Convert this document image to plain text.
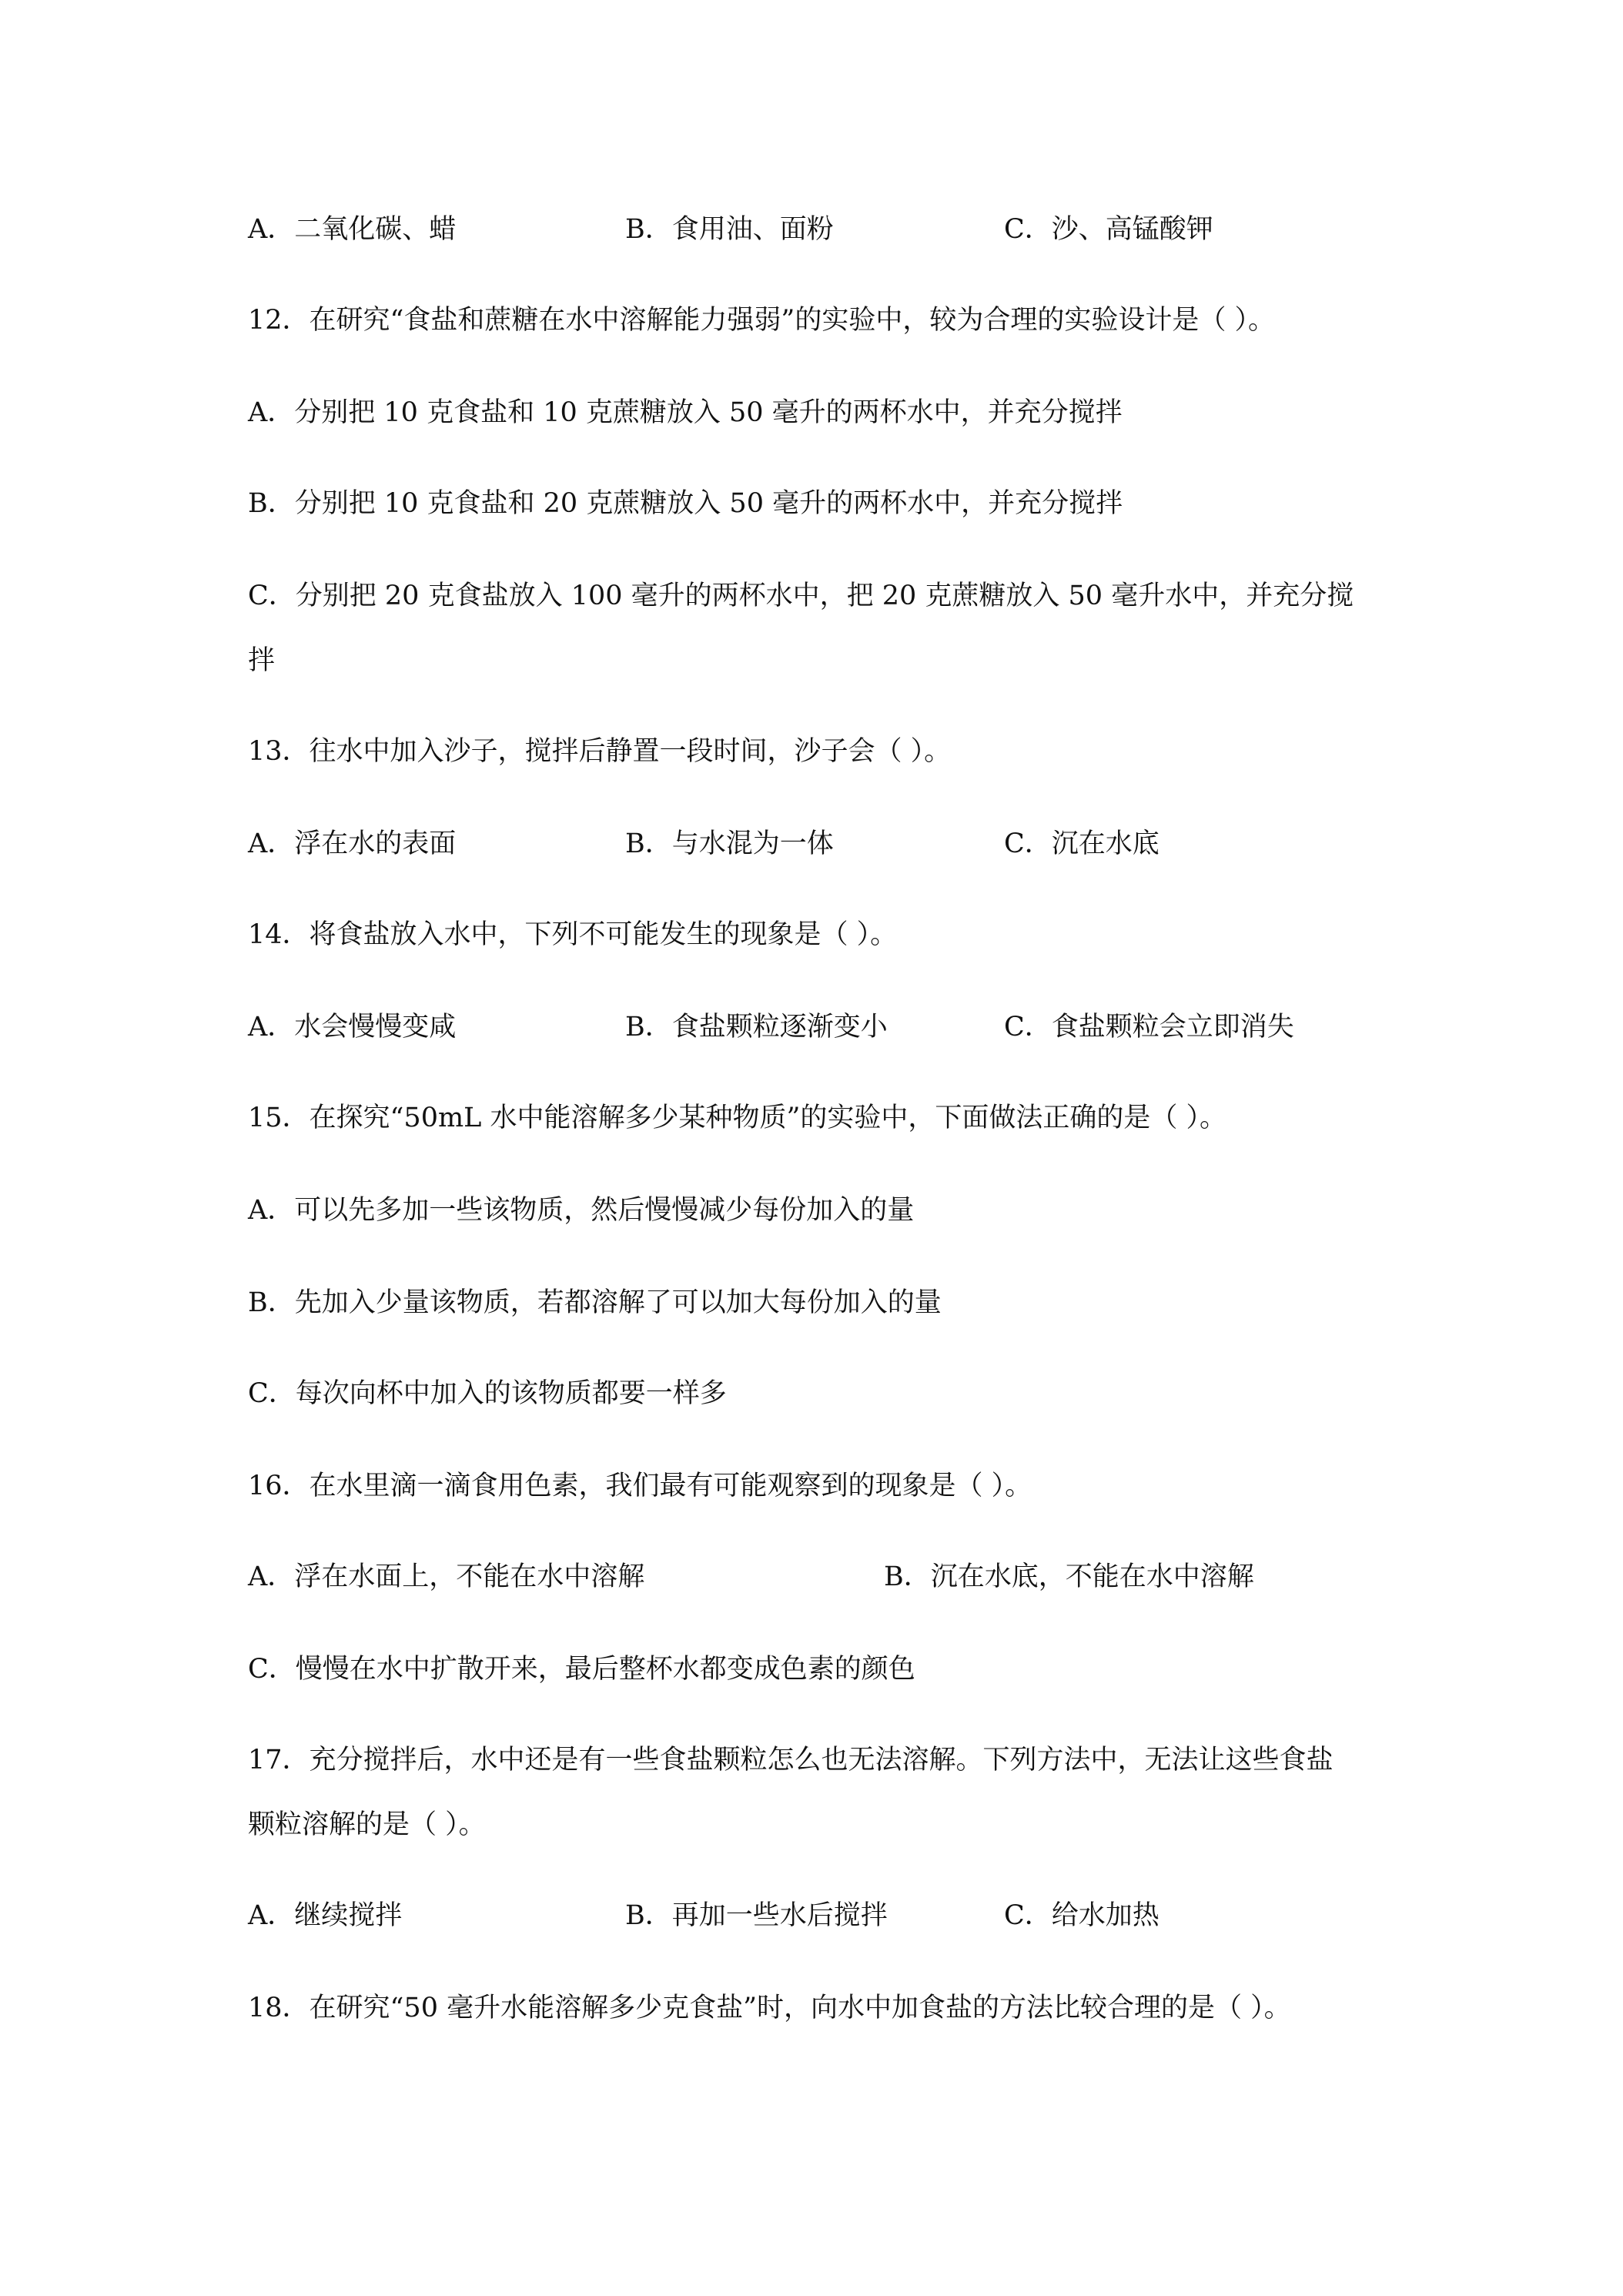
A．二氧化碳、蜡	B．食用油、面粉	C．沙、高锰酸钾
12．在研究“食盐和蔗糖在水中溶解能力强弱”的实验中，较为合理的实验设计是（ ）。
A．分别把 10 克食盐和 10 克蔗糖放入 50 毫升的两杯水中，并充分搅拌
B．分别把 10 克食盐和 20 克蔗糖放入 50 毫升的两杯水中，并充分搅拌
C．分别把 20 克食盐放入 100 毫升的两杯水中，把 20 克蔗糖放入 50 毫升水中，并充分搅
拌
13．往水中加入沙子，搅拌后静置一段时间，沙子会（ ）。
A．浮在水的表面	B．与水混为一体	C．沉在水底
14．将食盐放入水中，下列不可能发生的现象是（ ）。
A．水会慢慢变咸	B．食盐颗粒逐渐变小	C．食盐颗粒会立即消失
15．在探究“50mL 水中能溶解多少某种物质”的实验中，下面做法正确的是（ ）。
A．可以先多加一些该物质，然后慢慢减少每份加入的量
B．先加入少量该物质，若都溶解了可以加大每份加入的量
C．每次向杯中加入的该物质都要一样多
16．在水里滴一滴食用色素，我们最有可能观察到的现象是（ ）。
A．浮在水面上，不能在水中溶解	B．沉在水底，不能在水中溶解
C．慢慢在水中扩散开来，最后整杯水都变成色素的颜色
17．充分搅拌后，水中还是有一些食盐颗粒怎么也无法溶解。下列方法中，无法让这些食盐
颗粒溶解的是（ ）。
A．继续搅拌	B．再加一些水后搅拌	C．给水加热
18．在研究“50 毫升水能溶解多少克食盐”时，向水中加食盐的方法比较合理的是（ ）。
